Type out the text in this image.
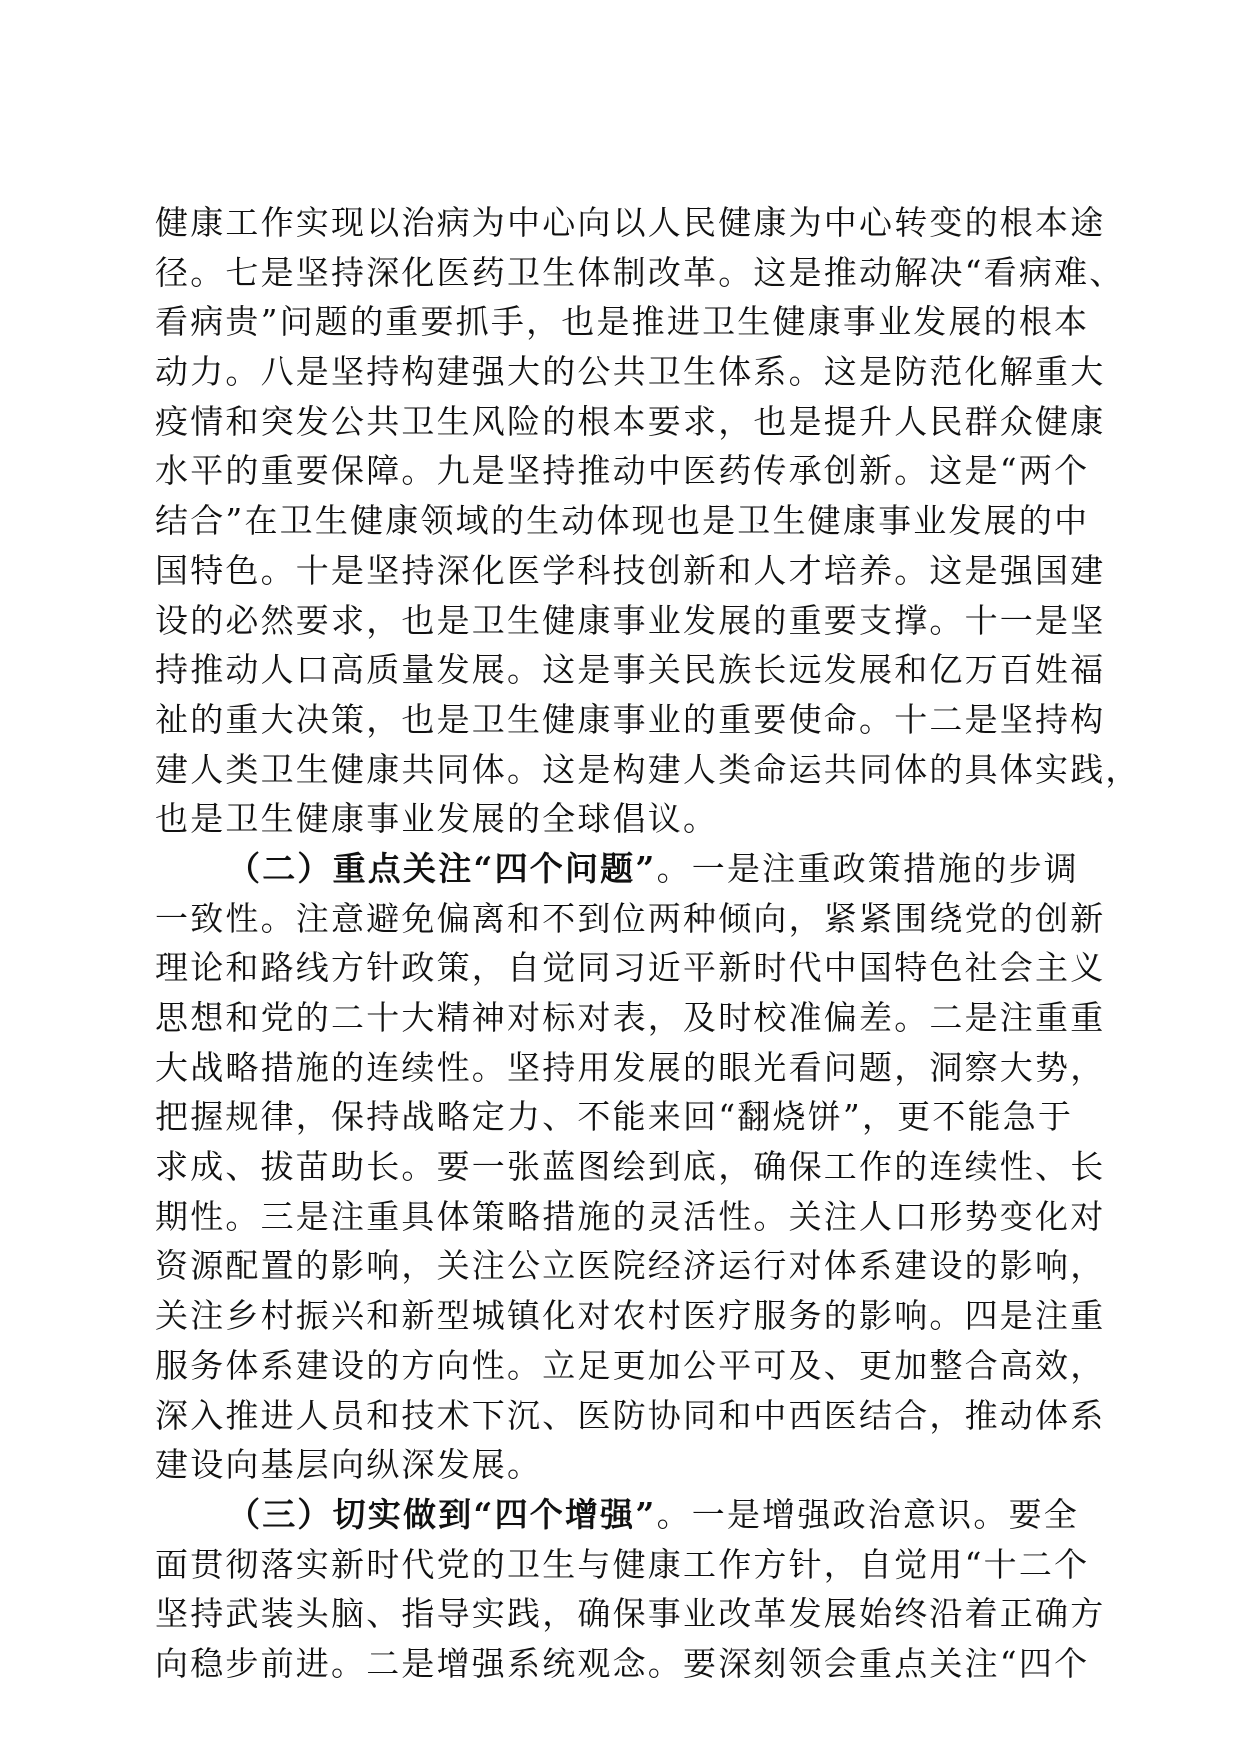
健康工作实现以治病为中心向以人民健康为中心转变的根本途
径。七是坚持深化医药卫生体制改革。这是推动解决“看病难、
看病贵”问题的重要抓手，也是推进卫生健康事业发展的根本
动力。八是坚持构建强大的公共卫生体系。这是防范化解重大
疫情和突发公共卫生风险的根本要求，也是提升人民群众健康
水平的重要保障。九是坚持推动中医药传承创新。这是“两个
结合”在卫生健康领域的生动体现也是卫生健康事业发展的中
国特色。十是坚持深化医学科技创新和人才培养。这是强国建
设的必然要求，也是卫生健康事业发展的重要支撑。十一是坚
持推动人口高质量发展。这是事关民族长远发展和亿万百姓福
祉的重大决策，也是卫生健康事业的重要使命。十二是坚持构
建人类卫生健康共同体。这是构建人类命运共同体的具体实践，
也是卫生健康事业发展的全球倡议。
（二）重点关注“四个问题”。一是注重政策措施的步调
一致性。注意避免偏离和不到位两种倾向，紧紧围绕党的创新
理论和路线方针政策，自觉同习近平新时代中国特色社会主义
思想和党的二十大精神对标对表，及时校准偏差。二是注重重
大战略措施的连续性。坚持用发展的眼光看问题，洞察大势，
把握规律，保持战略定力、不能来回“翻烧饼”，更不能急于
求成、拔苗助长。要一张蓝图绘到底，确保工作的连续性、长
期性。三是注重具体策略措施的灵活性。关注人口形势变化对
资源配置的影响，关注公立医院经济运行对体系建设的影响，
关注乡村振兴和新型城镇化对农村医疗服务的影响。四是注重
服务体系建设的方向性。立足更加公平可及、更加整合高效，
深入推进人员和技术下沉、医防协同和中西医结合，推动体系
建设向基层向纵深发展。
（三）切实做到“四个增强”。一是增强政治意识。要全
面贯彻落实新时代党的卫生与健康工作方针，自觉用“十二个
坚持武装头脑、指导实践，确保事业改革发展始终沿着正确方
向稳步前进。二是增强系统观念。要深刻领会重点关注“四个
